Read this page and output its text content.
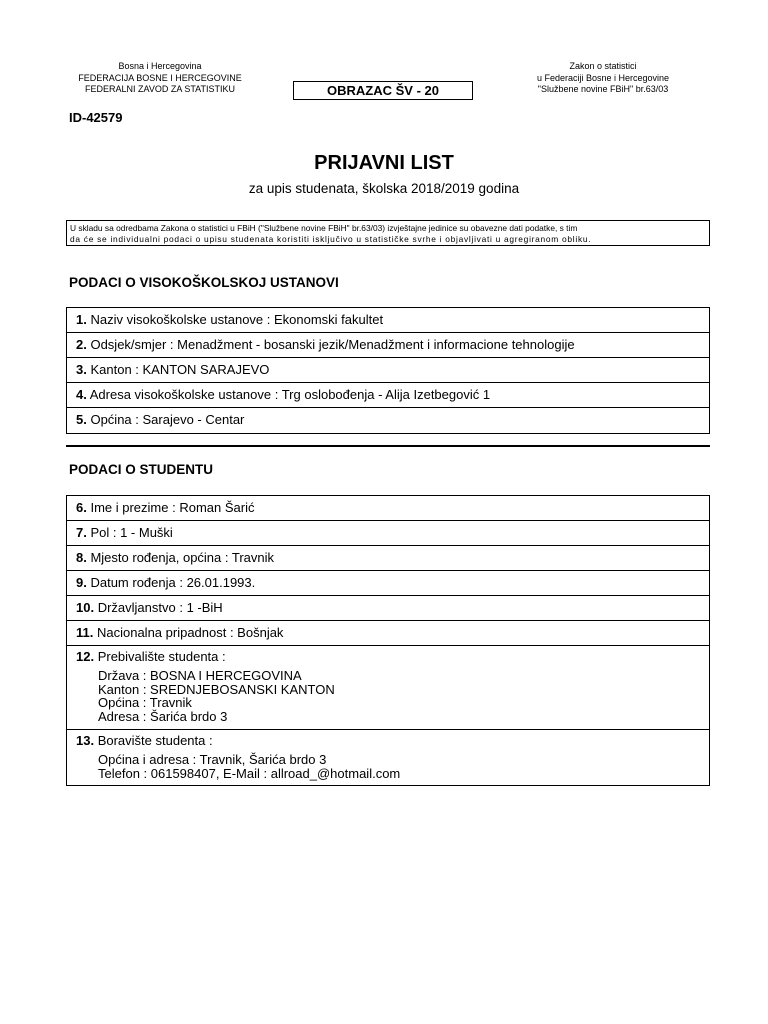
Bosna i Hercegovina
FEDERACIJA BOSNE I HERCEGOVINE
FEDERALNI ZAVOD ZA STATISTIKU
Zakon o statistici
u Federaciji Bosne i Hercegovine
"Službene novine FBiH" br.63/03
OBRAZAC ŠV - 20
ID-42579
PRIJAVNI LIST
za upis studenata, školska 2018/2019 godina
U skladu sa odredbama Zakona o statistici u FBiH ("Službene novine FBiH" br.63/03) izvještajne jedinice su obavezne dati podatke, s tim
da će se individualni podaci o upisu studenata koristiti isključivo u statističke svrhe i objavljivati u agregiranom obliku.
PODACI O VISOKOŠKOLSKOJ USTANOVI
1. Naziv visokoškolske ustanove : Ekonomski fakultet
2. Odsjek/smjer : Menadžment - bosanski jezik/Menadžment i informacione tehnologije
3. Kanton : KANTON SARAJEVO
4. Adresa visokoškolske ustanove : Trg oslobođenja - Alija Izetbegović 1
5. Općina : Sarajevo - Centar
PODACI O STUDENTU
6. Ime i prezime : Roman Šarić
7. Pol : 1 - Muški
8. Mjesto rođenja, općina : Travnik
9. Datum rođenja : 26.01.1993.
10. Državljanstvo : 1 -BiH
11. Nacionalna pripadnost : Bošnjak
12. Prebivalište studenta :
Država : BOSNA I HERCEGOVINA
Kanton : SREDNJEBOSANSKI KANTON
Općina : Travnik
Adresa : Šarića brdo 3
13. Boravište studenta :
Općina i adresa : Travnik, Šarića brdo 3
Telefon : 061598407, E-Mail : allroad_@hotmail.com
